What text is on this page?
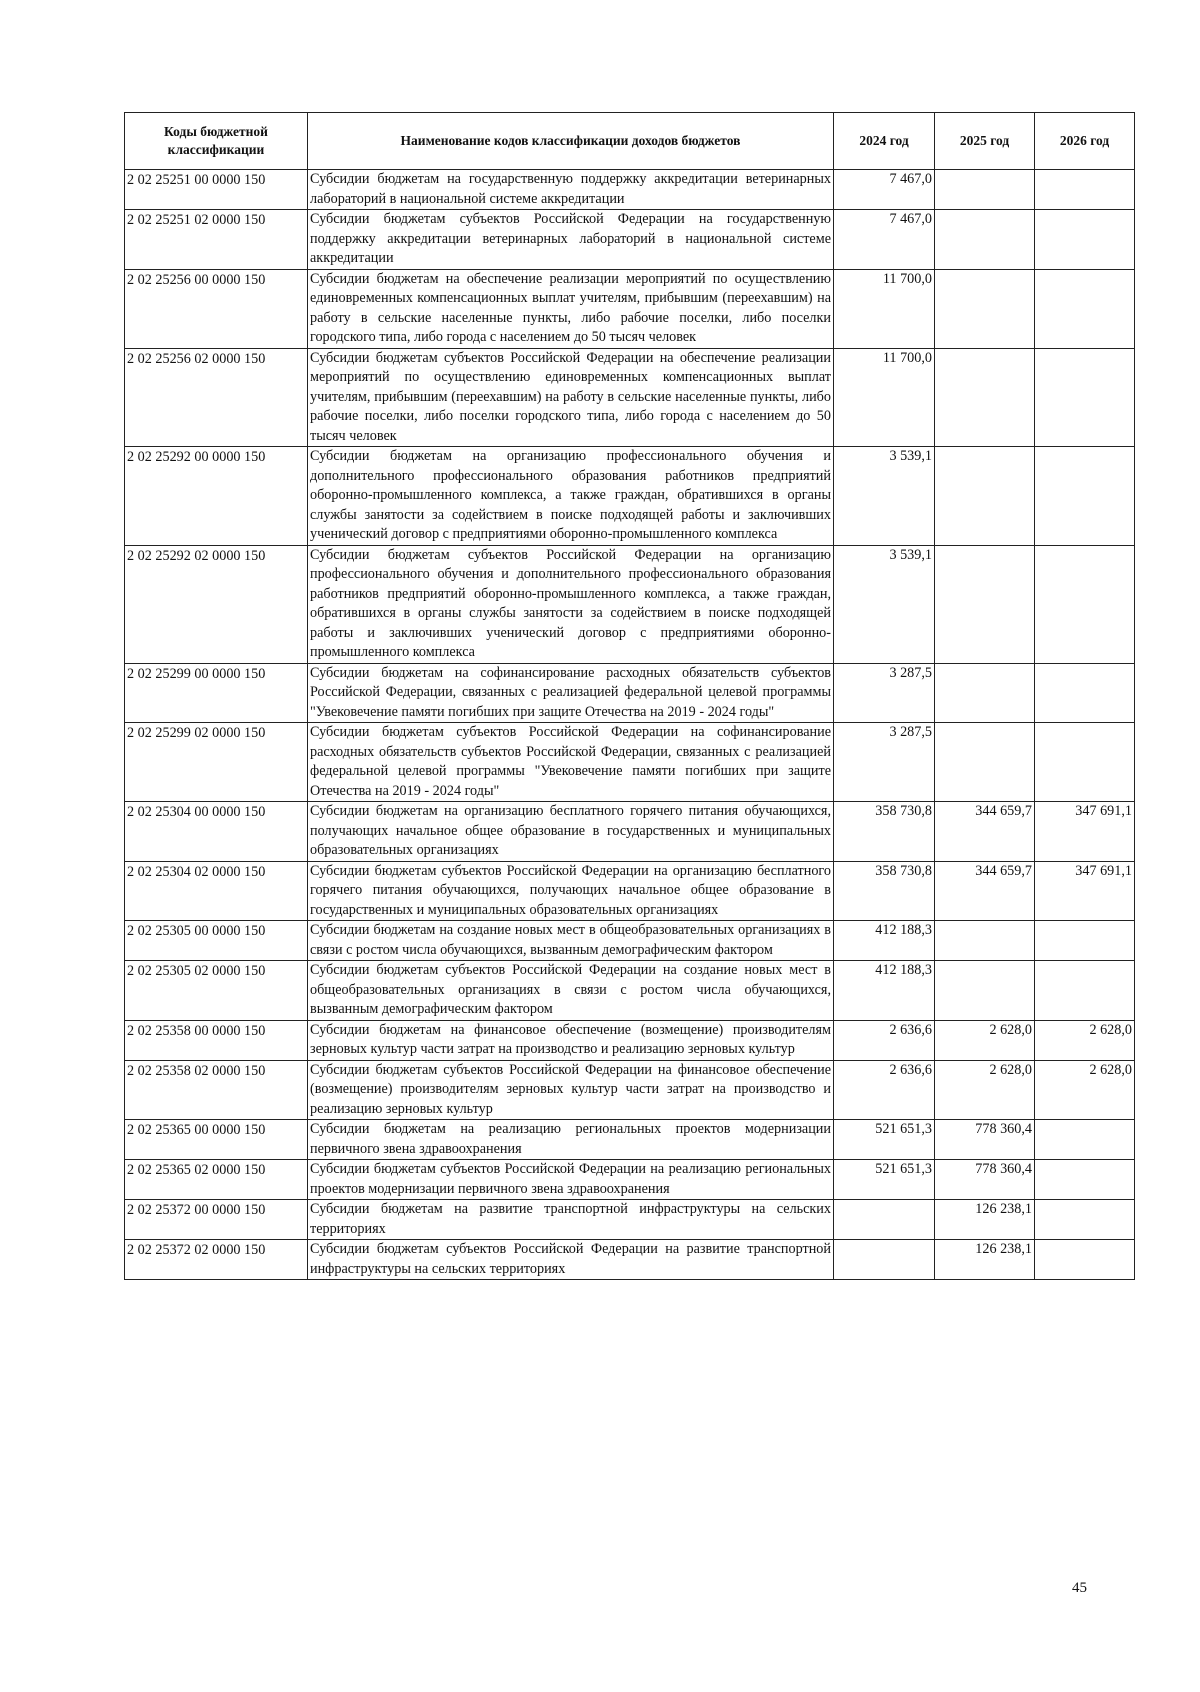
Коды бюджетной классификации	Наименование кодов классификации доходов бюджетов	2024 год	2025 год	2026 год
2 02 25251 00 0000 150	Субсидии бюджетам на государственную поддержку аккредитации ветеринарных лабораторий в национальной системе аккредитации	7 467,0		
2 02 25251 02 0000 150	Субсидии бюджетам субъектов Российской Федерации на государственную поддержку аккредитации ветеринарных лабораторий в национальной системе аккредитации	7 467,0		
2 02 25256 00 0000 150	Субсидии бюджетам на обеспечение реализации мероприятий по осуществлению единовременных компенсационных выплат учителям, прибывшим (переехавшим) на работу в сельские населенные пункты, либо рабочие поселки, либо поселки городского типа, либо города с населением до 50 тысяч человек	11 700,0		
2 02 25256 02 0000 150	Субсидии бюджетам субъектов Российской Федерации на обеспечение реализации мероприятий по осуществлению единовременных компенсационных выплат учителям, прибывшим (переехавшим) на работу в сельские населенные пункты, либо рабочие поселки, либо поселки городского типа, либо города с населением до 50 тысяч человек	11 700,0		
2 02 25292 00 0000 150	Субсидии бюджетам на организацию профессионального обучения и дополнительного профессионального образования работников предприятий оборонно-промышленного комплекса, а также граждан, обратившихся в органы службы занятости за содействием в поиске подходящей работы и заключивших ученический договор с предприятиями оборонно-промышленного комплекса	3 539,1		
2 02 25292 02 0000 150	Субсидии бюджетам субъектов Российской Федерации на организацию профессионального обучения и дополнительного профессионального образования работников предприятий оборонно-промышленного комплекса, а также граждан, обратившихся в органы службы занятости за содействием в поиске подходящей работы и заключивших ученический договор с предприятиями оборонно-промышленного комплекса	3 539,1		
2 02 25299 00 0000 150	Субсидии бюджетам на софинансирование расходных обязательств субъектов Российской Федерации, связанных с реализацией федеральной целевой программы "Увековечение памяти погибших при защите Отечества на 2019 - 2024 годы"	3 287,5		
2 02 25299 02 0000 150	Субсидии бюджетам субъектов Российской Федерации на софинансирование расходных обязательств субъектов Российской Федерации, связанных с реализацией федеральной целевой программы "Увековечение памяти погибших при защите Отечества на 2019 - 2024 годы"	3 287,5		
2 02 25304 00 0000 150	Субсидии бюджетам на организацию бесплатного горячего питания обучающихся, получающих начальное общее образование в государственных и муниципальных образовательных организациях	358 730,8	344 659,7	347 691,1
2 02 25304 02 0000 150	Субсидии бюджетам субъектов Российской Федерации на организацию бесплатного горячего питания обучающихся, получающих начальное общее образование в государственных и муниципальных образовательных организациях	358 730,8	344 659,7	347 691,1
2 02 25305 00 0000 150	Субсидии бюджетам на создание новых мест в общеобразовательных организациях в связи с ростом числа обучающихся, вызванным демографическим фактором	412 188,3		
2 02 25305 02 0000 150	Субсидии бюджетам субъектов Российской Федерации на создание новых мест в общеобразовательных организациях в связи с ростом числа обучающихся, вызванным демографическим фактором	412 188,3		
2 02 25358 00 0000 150	Субсидии бюджетам на финансовое обеспечение (возмещение) производителям зерновых культур части затрат на производство и реализацию зерновых культур	2 636,6	2 628,0	2 628,0
2 02 25358 02 0000 150	Субсидии бюджетам субъектов Российской Федерации на финансовое обеспечение (возмещение) производителям зерновых культур части затрат на производство и реализацию зерновых культур	2 636,6	2 628,0	2 628,0
2 02 25365 00 0000 150	Субсидии бюджетам на реализацию региональных проектов модернизации первичного звена здравоохранения	521 651,3	778 360,4	
2 02 25365 02 0000 150	Субсидии бюджетам субъектов Российской Федерации на реализацию региональных проектов модернизации первичного звена здравоохранения	521 651,3	778 360,4	
2 02 25372 00 0000 150	Субсидии бюджетам на развитие транспортной инфраструктуры на сельских территориях		126 238,1	
2 02 25372 02 0000 150	Субсидии бюджетам субъектов Российской Федерации на развитие транспортной инфраструктуры на сельских территориях		126 238,1	
45
